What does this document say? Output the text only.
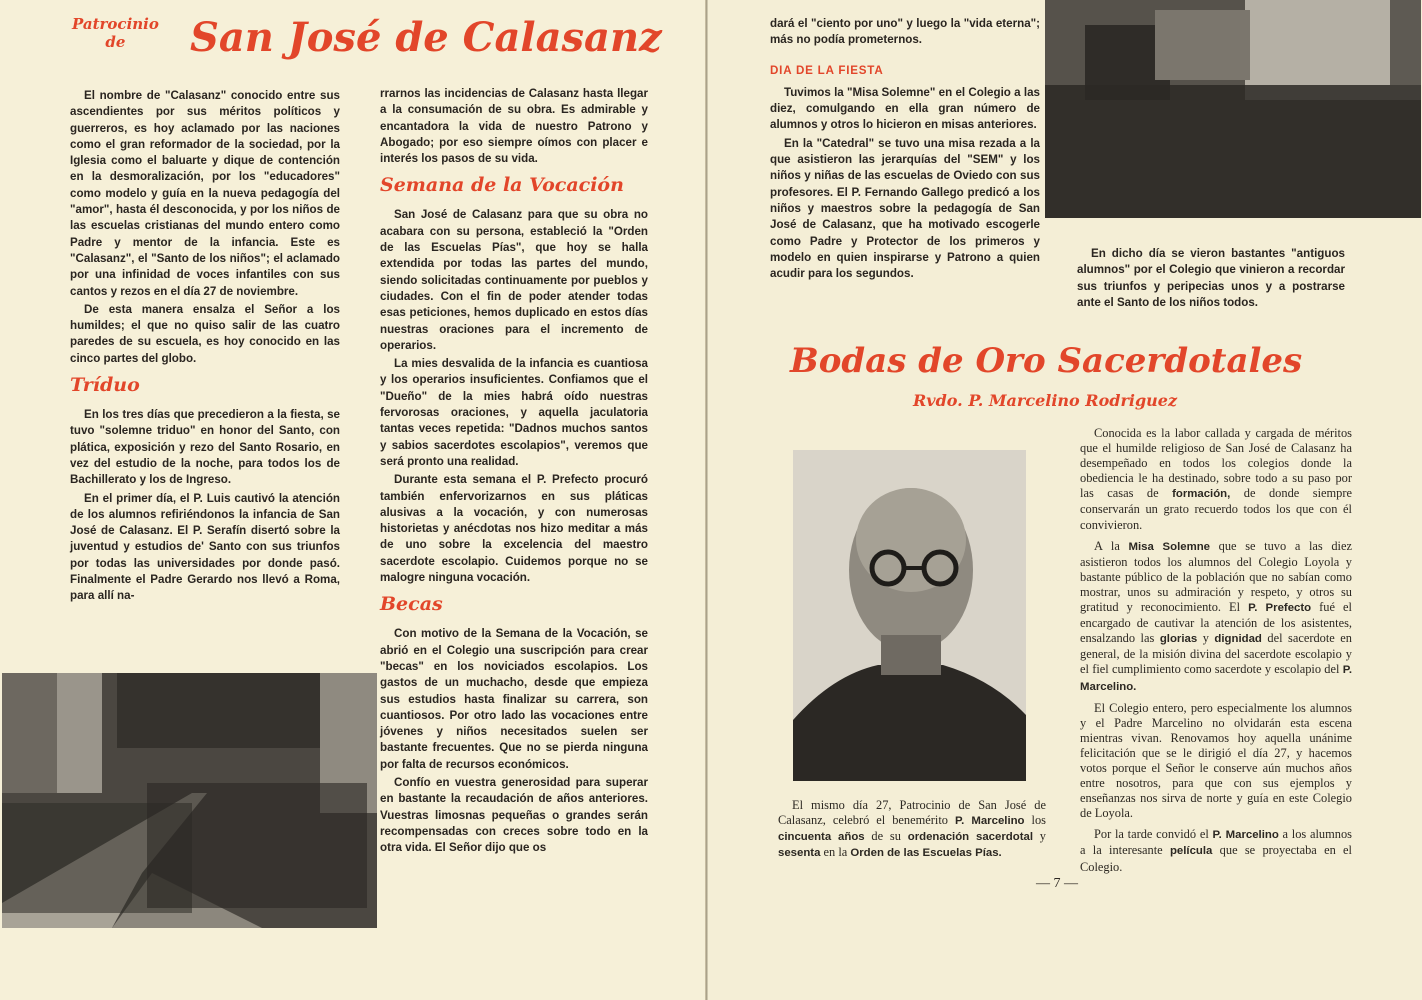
Patrocinio
de	San José de Calasanz

El nombre de "Calasanz" conocido entre sus ascendientes por sus méritos políticos y guerreros, es hoy aclamado por las naciones como el gran reformador de la sociedad, por la Iglesia como el baluarte y dique de contención en la desmoralización, por los "educadores" como modelo y guía en la nueva pedagogía del "amor", hasta él desconocida, y por los niños de las escuelas cristianas del mundo entero como Padre y mentor de la infancia. Este es "Calasanz", el "Santo de los niños"; el aclamado por una infinidad de voces infantiles con sus cantos y rezos en el día 27 de noviembre.

De esta manera ensalza el Señor a los humildes; el que no quiso salir de las cuatro paredes de su escuela, es hoy conocido en las cinco partes del globo.

Tríduo

En los tres días que precedieron a la fiesta, se tuvo "solemne triduo" en honor del Santo, con plática, exposición y rezo del Santo Rosario, en vez del estudio de la noche, para todos los de Bachillerato y los de Ingreso.

En el primer día, el P. Luis cautivó la atención de los alumnos refiriéndonos la infancia de San José de Calasanz. El P. Serafín disertó sobre la juventud y estudios de' Santo con sus triunfos por todas las universidades por donde pasó. Finalmente el Padre Gerardo nos llevó a Roma, para allí na-

rrarnos las incidencias de Calasanz hasta llegar a la consumación de su obra. Es admirable y encantadora la vida de nuestro Patrono y Abogado; por eso siempre oímos con placer e interés los pasos de su vida.

Semana de la Vocación

San José de Calasanz para que su obra no acabara con su persona, estableció la "Orden de las Escuelas Pías", que hoy se halla extendida por todas las partes del mundo, siendo solicitadas continuamente por pueblos y ciudades. Con el fin de poder atender todas esas peticiones, hemos duplicado en estos días nuestras oraciones para el incremento de operarios.

La mies desvalida de la infancia es cuantiosa y los operarios insuficientes. Confiamos que el "Dueño" de la mies habrá oído nuestras fervorosas oraciones, y aquella jaculatoria tantas veces repetida: "Dadnos muchos santos y sabios sacerdotes escolapios", veremos que será pronto una realidad.

Durante esta semana el P. Prefecto procuró también enfervorizarnos en sus pláticas alusivas a la vocación, y con numerosas historietas y anécdotas nos hizo meditar a más de uno sobre la excelencia del maestro sacerdote escolapio. Cuidemos porque no se malogre ninguna vocación.

Becas

Con motivo de la Semana de la Vocación, se abrió en el Colegio una suscripción para crear "becas" en los noviciados escolapios. Los gastos de un muchacho, desde que empieza sus estudios hasta finalizar su carrera, son cuantiosos. Por otro lado las vocaciones entre jóvenes y niños necesitados suelen ser bastante frecuentes. Que no se pierda ninguna por falta de recursos económicos.

Confío en vuestra generosidad para superar en bastante la recaudación de años anteriores. Vuestras limosnas pequeñas o grandes serán recompensadas con creces sobre todo en la otra vida. El Señor dijo que os

dará el "ciento por uno" y luego la "vida eterna"; más no podía prometernos.

DIA DE LA FIESTA

Tuvimos la "Misa Solemne" en el Colegio a las diez, comulgando en ella gran número de alumnos y otros lo hicieron en misas anteriores.

En la "Catedral" se tuvo una misa rezada a la que asistieron las jerarquías del "SEM" y los niños y niñas de las escuelas de Oviedo con sus profesores. El P. Fernando Gallego predicó a los niños y maestros sobre la pedagogía de San José de Calasanz, que ha motivado escogerle como Padre y Protector de los primeros y modelo en quien inspirarse y Patrono a quien acudir para los segundos.

En dicho día se vieron bastantes "antiguos alumnos" por el Colegio que vinieron a recordar sus triunfos y peripecias unos y a postrarse ante el Santo de los niños todos.

Bodas de Oro Sacerdotales
Rvdo. P. Marcelino Rodriguez

El mismo día 27, Patrocinio de San José de Calasanz, celebró el benemérito P. Marcelino los cincuenta años de su ordenación sacerdotal y sesenta en la Orden de las Escuelas Pías.

Conocida es la labor callada y cargada de méritos que el humilde religioso de San José de Calasanz ha desempeñado en todos los colegios donde la obediencia le ha destinado, sobre todo a su paso por las casas de formación, de donde siempre conservarán un grato recuerdo todos los que con él convivieron.

A la Misa Solemne que se tuvo a las diez asistieron todos los alumnos del Colegio Loyola y bastante público de la población que no sabían como mostrar, unos su admiración y respeto, y otros su gratitud y reconocimiento. El P. Prefecto fué el encargado de cautivar la atención de los asistentes, ensalzando las glorias y dignidad del sacerdote en general, de la misión divina del sacerdote escolapio y el fiel cumplimiento como sacerdote y escolapio del P. Marcelino.

El Colegio entero, pero especialmente los alumnos y el Padre Marcelino no olvidarán esta escena mientras vivan. Renovamos hoy aquella unánime felicitación que se le dirigió el día 27, y hacemos votos porque el Señor le conserve aún muchos años entre nosotros, para que con sus ejemplos y enseñanzas nos sirva de norte y guía en este Colegio de Loyola.

Por la tarde convidó el P. Marcelino a los alumnos a la interesante película que se proyectaba en el Colegio.

— 7 —
